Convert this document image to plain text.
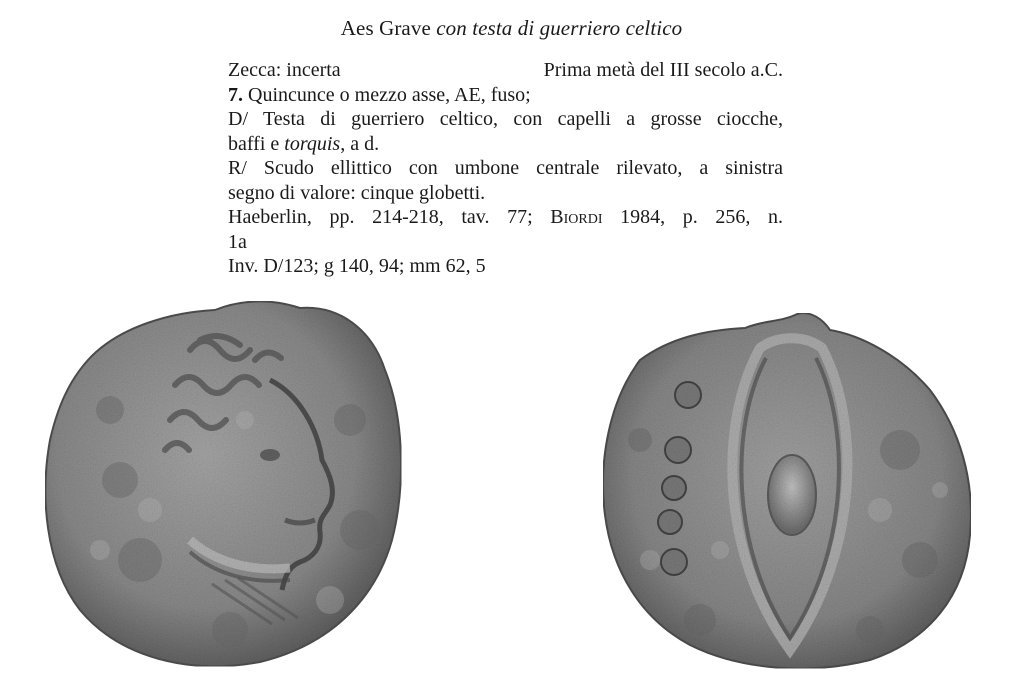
Aes Grave con testa di guerriero celtico
Zecca: incerta	Prima metà del III secolo a.C.
7. Quincunce o mezzo asse, AE, fuso;
D/ Testa di guerriero celtico, con capelli a grosse ciocche,
baffi e torquis, a d.
R/ Scudo ellittico con umbone centrale rilevato, a sinistra
segno di valore: cinque globetti.
Haeberlin, pp. 214-218, tav. 77; Biordi 1984, p. 256, n.
1a
Inv. D/123; g 140, 94; mm 62, 5
